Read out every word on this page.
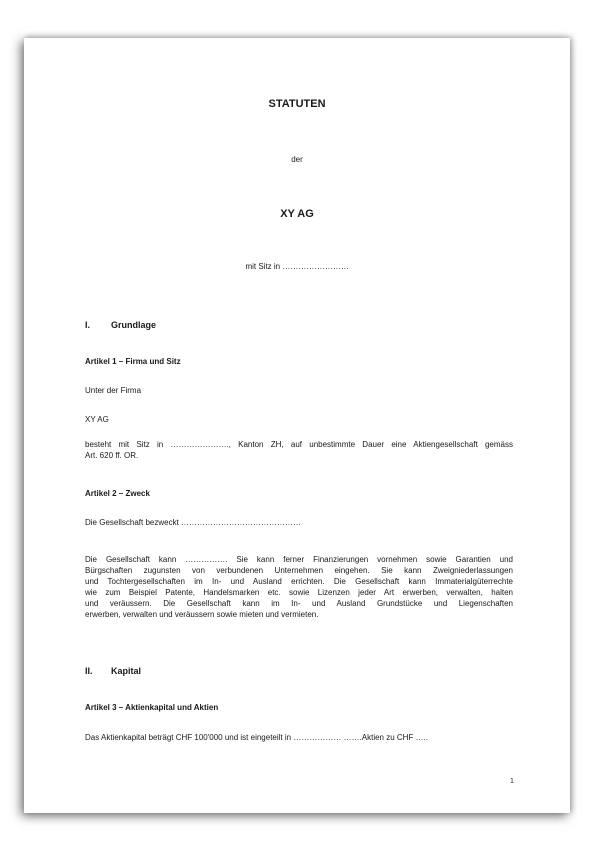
STATUTEN

der

XY AG

mit Sitz in …………………….

I. Grundlage

Artikel 1 – Firma und Sitz

Unter der Firma

XY AG

besteht mit Sitz in …………………., Kanton ZH, auf unbestimmte Dauer eine Aktiengesellschaft gemäss
Art. 620 ff. OR.

Artikel 2 – Zweck

Die Gesellschaft bezweckt ………………………………………

Die Gesellschaft kann ……………. Sie kann ferner Finanzierungen vornehmen sowie Garantien und
Bürgschaften zugunsten von verbundenen Unternehmen eingehen. Sie kann Zweigniederlassungen
und Tochtergesellschaften im In- und Ausland errichten. Die Gesellschaft kann Immaterialgüterrechte
wie zum Beispiel Patente, Handelsmarken etc. sowie Lizenzen jeder Art erwerben, verwalten, halten
und veräussern. Die Gesellschaft kann im In- und Ausland Grundstücke und Liegenschaften
erwerben, verwalten und veräussern sowie mieten und vermieten.

II. Kapital

Artikel 3 – Aktienkapital und Aktien

Das Aktienkapital beträgt CHF 100'000 und ist eingeteilt in ……………… …….Aktien zu CHF …..

1
